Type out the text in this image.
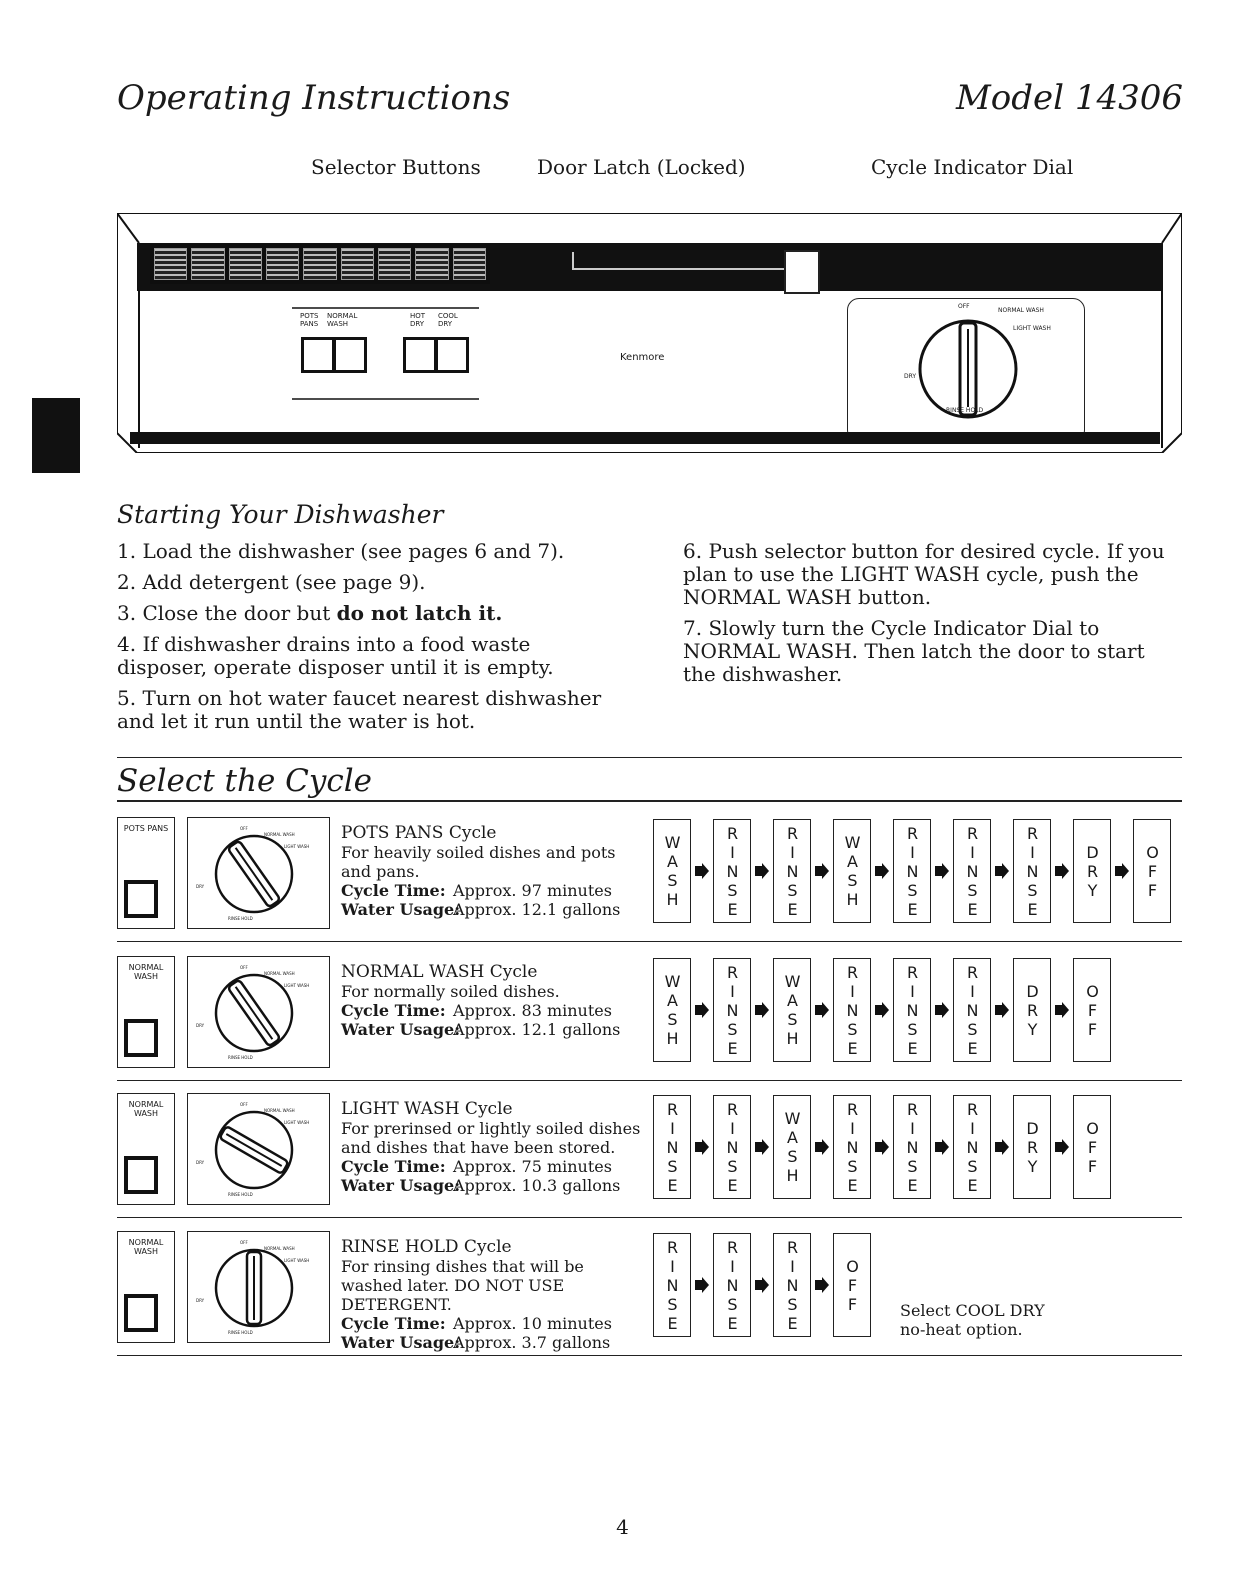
Operating Instructions	Model 14306
Selector Buttons	Door Latch (Locked)	Cycle Indicator Dial
POTS
PANS
NORMAL
WASH
HOT
DRY
COOL
DRY
Kenmore
OFF
NORMAL WASH
LIGHT WASH
DRY
RINSE HOLD
Starting Your Dishwasher
1. Load the dishwasher (see pages 6 and 7).
2. Add detergent (see page 9).
3. Close the door but do not latch it.
4. If dishwasher drains into a food waste disposer, operate disposer until it is empty.
5. Turn on hot water faucet nearest dishwasher and let it run until the water is hot.
6. Push selector button for desired cycle. If you plan to use the LIGHT WASH cycle, push the NORMAL WASH button.
7. Slowly turn the Cycle Indicator Dial to NORMAL WASH. Then latch the door to start the dishwasher.
Select the Cycle
POTS PANS	OFF
NORMAL WASH
LIGHT WASH
DRY
RINSE HOLD
POTS PANS Cycle
For heavily soiled dishes and pots and pans.
Cycle Time: Approx. 97 minutes
Water Usage:
Approx. 12.1 gallons
WASH	RINSE	RINSE	WASH	RINSE	RINSE	RINSE	DRY	OFF
NORMAL WASH
OFF
NORMAL WASH
LIGHT WASH
DRY
RINSE HOLD
NORMAL WASH Cycle
For normally soiled dishes.
Cycle Time: Approx. 83 minutes
Water Usage:
Approx. 12.1 gallons	WASH	RINSE	WASH	RINSE	RINSE	RINSE	DRY	OFF
NORMAL WASH
OFF
NORMAL WASH
LIGHT WASH
DRY
RINSE HOLD
LIGHT WASH Cycle
For prerinsed or lightly soiled dishes and dishes that have been stored.
Cycle Time: Approx. 75 minutes
Water Usage:
Approx. 10.3 gallons	RINSE	RINSE	WASH	RINSE	RINSE	RINSE	DRY	OFF
NORMAL WASH
OFF
NORMAL WASH
LIGHT WASH
DRY
RINSE HOLD
RINSE HOLD Cycle
For rinsing dishes that will be washed later. DO NOT USE DETERGENT.
Cycle Time: Approx. 10 minutes
Water Usage:
Approx. 3.7 gallons
RINSE	RINSE	RINSE	OFF Select COOL DRY
no-heat option.
4
